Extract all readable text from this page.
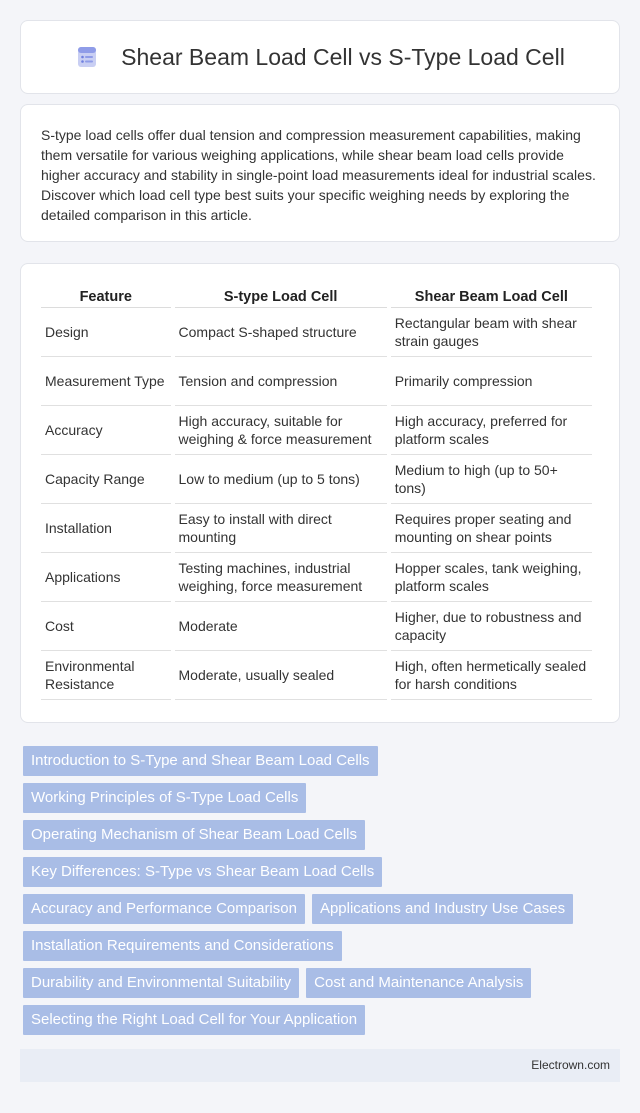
Shear Beam Load Cell vs S-Type Load Cell

S-type load cells offer dual tension and compression measurement capabilities, making them versatile for various weighing applications, while shear beam load cells provide higher accuracy and stability in single-point load measurements ideal for industrial scales. Discover which load cell type best suits your specific weighing needs by exploring the detailed comparison in this article.

Feature	S-type Load Cell	Shear Beam Load Cell
Design	Compact S-shaped structure	Rectangular beam with shear strain gauges
Measurement Type	Tension and compression	Primarily compression
Accuracy	High accuracy, suitable for weighing & force measurement	High accuracy, preferred for platform scales
Capacity Range	Low to medium (up to 5 tons)	Medium to high (up to 50+ tons)
Installation	Easy to install with direct mounting	Requires proper seating and mounting on shear points
Applications	Testing machines, industrial weighing, force measurement	Hopper scales, tank weighing, platform scales
Cost	Moderate	Higher, due to robustness and capacity
Environmental Resistance	Moderate, usually sealed	High, often hermetically sealed for harsh conditions
Introduction to S-Type and Shear Beam Load Cells
Working Principles of S-Type Load Cells
Operating Mechanism of Shear Beam Load Cells
Key Differences: S-Type vs Shear Beam Load Cells
Accuracy and Performance Comparison	Applications and Industry Use Cases
Installation Requirements and Considerations
Durability and Environmental Suitability	Cost and Maintenance Analysis
Selecting the Right Load Cell for Your Application
Electrown.com
